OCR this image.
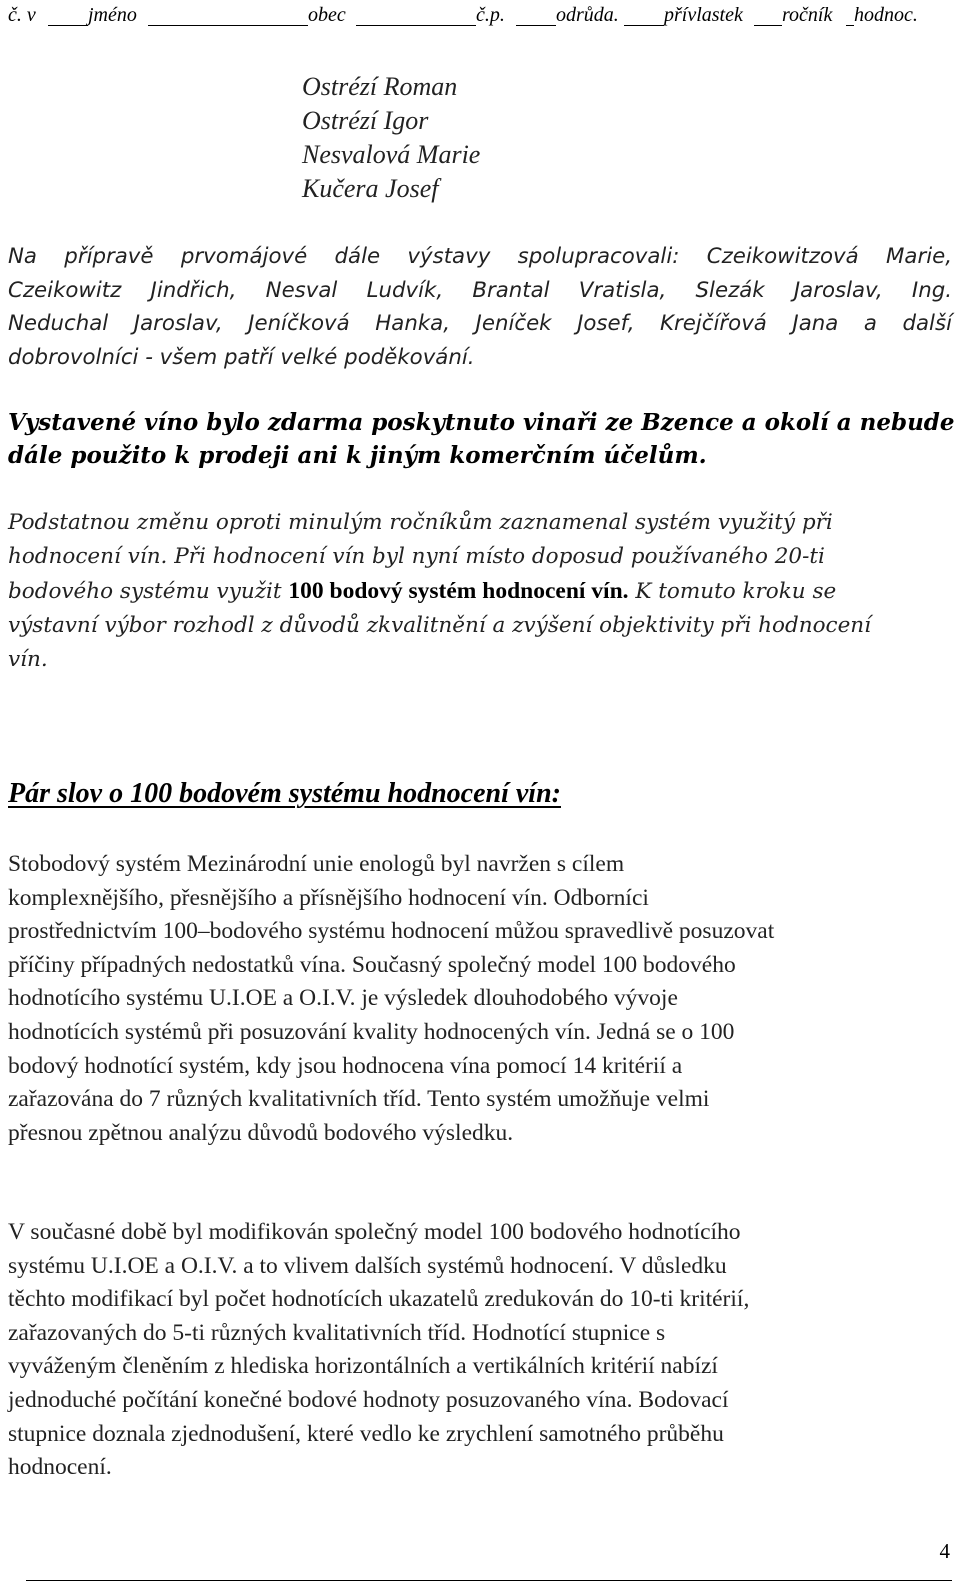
č. v	jméno	obec	č.p.	odrůda. přívlastek ročník hodnoc.
Ostrézí Roman
Ostrézí Igor
Nesvalová Marie
Kučera Josef
Na přípravě prvomájové dále výstavy spolupracovali: Czeikowitzová Marie,
Czeikowitz Jindřich, Nesval Ludvík, Brantal Vratisla, Slezák Jaroslav, Ing.
Neduchal Jaroslav, Jeníčková Hanka, Jeníček Josef, Krejčířová Jana a další
dobrovolníci - všem patří velké poděkování.
Vystavené víno bylo zdarma poskytnuto vinaři ze Bzence a okolí a nebude
dále použito k prodeji ani k jiným komerčním účelům.
Podstatnou změnu oproti minulým ročníkům zaznamenal systém využitý při
hodnocení vín. Při hodnocení vín byl nyní místo doposud používaného 20-ti
bodového systému využit 100 bodový systém hodnocení vín. K tomuto kroku se
výstavní výbor rozhodl z důvodů zkvalitnění a zvýšení objektivity při hodnocení
vín.
Pár slov o 100 bodovém systému hodnocení vín:
Stobodový systém Mezinárodní unie enologů byl navržen s cílem
komplexnějšího, přesnějšího a přísnějšího hodnocení vín. Odborníci
prostřednictvím 100–bodového systému hodnocení můžou spravedlivě posuzovat
příčiny případných nedostatků vína. Současný společný model 100 bodového
hodnotícího systému U.I.OE a O.I.V. je výsledek dlouhodobého vývoje
hodnotících systémů při posuzování kvality hodnocených vín. Jedná se o 100
bodový hodnotící systém, kdy jsou hodnocena vína pomocí 14 kritérií a
zařazována do 7 různých kvalitativních tříd. Tento systém umožňuje velmi
přesnou zpětnou analýzu důvodů bodového výsledku.
V současné době byl modifikován společný model 100 bodového hodnotícího
systému U.I.OE a O.I.V. a to vlivem dalších systémů hodnocení. V důsledku
těchto modifikací byl počet hodnotících ukazatelů zredukován do 10-ti kritérií,
zařazovaných do 5-ti různých kvalitativních tříd. Hodnotící stupnice s
vyváženým členěním z hlediska horizontálních a vertikálních kritérií nabízí
jednoduché počítání konečné bodové hodnoty posuzovaného vína. Bodovací
stupnice doznala zjednodušení, které vedlo ke zrychlení samotného průběhu
hodnocení.
4
